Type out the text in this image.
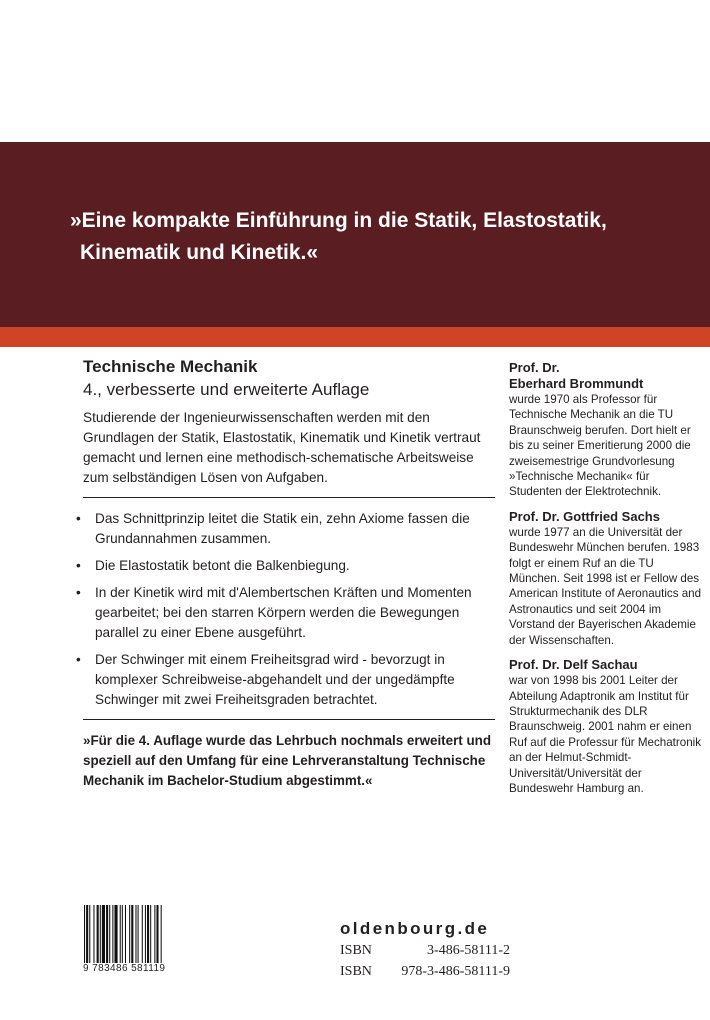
»Eine kompakte Einführung in die Statik, Elastostatik,
Kinematik und Kinetik.«
Technische Mechanik
4., verbesserte und erweiterte Auflage
Studierende der Ingenieurwissenschaften werden mit den Grundlagen der Statik, Elastostatik, Kinematik und Kinetik vertraut gemacht und lernen eine methodisch-schematische Arbeitsweise zum selbständigen Lösen von Aufgaben.
• Das Schnittprinzip leitet die Statik ein, zehn Axiome fassen die Grundannahmen zusammen.
• Die Elastostatik betont die Balkenbiegung.
• In der Kinetik wird mit d'Alembertschen Kräften und Momenten gearbeitet; bei den starren Körpern werden die Bewegungen parallel zu einer Ebene ausgeführt.
• Der Schwinger mit einem Freiheitsgrad wird - bevorzugt in komplexer Schreibweise-abgehandelt und der ungedämpfte Schwinger mit zwei Freiheitsgraden betrachtet.
»Für die 4. Auflage wurde das Lehrbuch nochmals erweitert und speziell auf den Umfang für eine Lehrveranstaltung Technische Mechanik im Bachelor-Studium abgestimmt.«
Prof. Dr.
Eberhard Brommundt
wurde 1970 als Professor für Technische Mechanik an die TU Braunschweig berufen. Dort hielt er bis zu seiner Emeritierung 2000 die zweisemestrige Grundvorlesung »Technische Mechanik« für Studenten der Elektrotechnik.
Prof. Dr. Gottfried Sachs
wurde 1977 an die Universität der Bundeswehr München berufen. 1983 folgt er einem Ruf an die TU München. Seit 1998 ist er Fellow des American Institute of Aeronautics and Astronautics und seit 2004 im Vorstand der Bayerischen Akademie der Wissenschaften.
Prof. Dr. Delf Sachau
war von 1998 bis 2001 Leiter der Abteilung Adaptronik am Institut für Strukturmechanik des DLR Braunschweig. 2001 nahm er einen Ruf auf die Professur für Mechatronik an der Helmut-Schmidt-Universität/Universität der Bundeswehr Hamburg an.
9 783486 581119
oldenbourg.de
ISBN	3-486-58111-2
ISBN 978-3-486-58111-9
